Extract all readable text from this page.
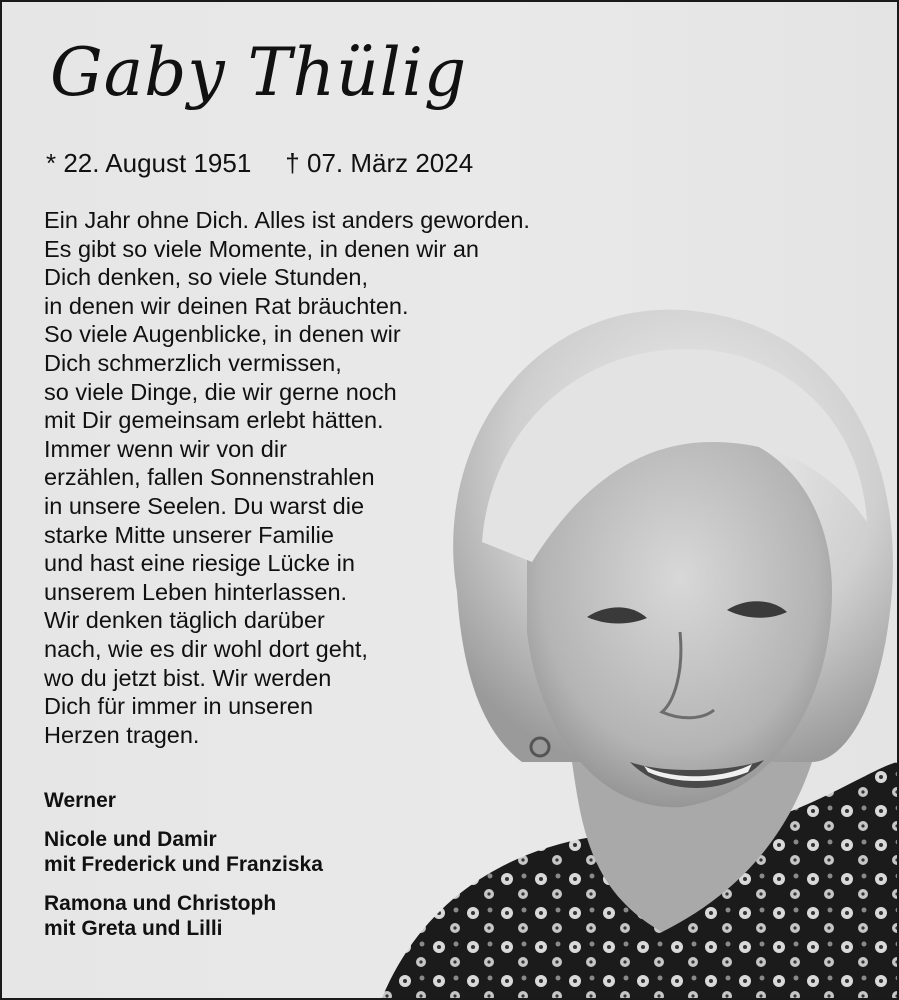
Gaby Thülig
* 22. August 1951 † 07. März 2024
Ein Jahr ohne Dich. Alles ist anders geworden.
Es gibt so viele Momente, in denen wir an
Dich denken, so viele Stunden,
in denen wir deinen Rat bräuchten.
So viele Augenblicke, in denen wir
Dich schmerzlich vermissen,
so viele Dinge, die wir gerne noch
mit Dir gemeinsam erlebt hätten.
Immer wenn wir von dir
erzählen, fallen Sonnenstrahlen
in unsere Seelen. Du warst die
starke Mitte unserer Familie
und hast eine riesige Lücke in
unserem Leben hinterlassen.
Wir denken täglich darüber
nach, wie es dir wohl dort geht,
wo du jetzt bist. Wir werden
Dich für immer in unseren
Herzen tragen.
Werner
Nicole und Damir
mit Frederick und Franziska
Ramona und Christoph
mit Greta und Lilli
